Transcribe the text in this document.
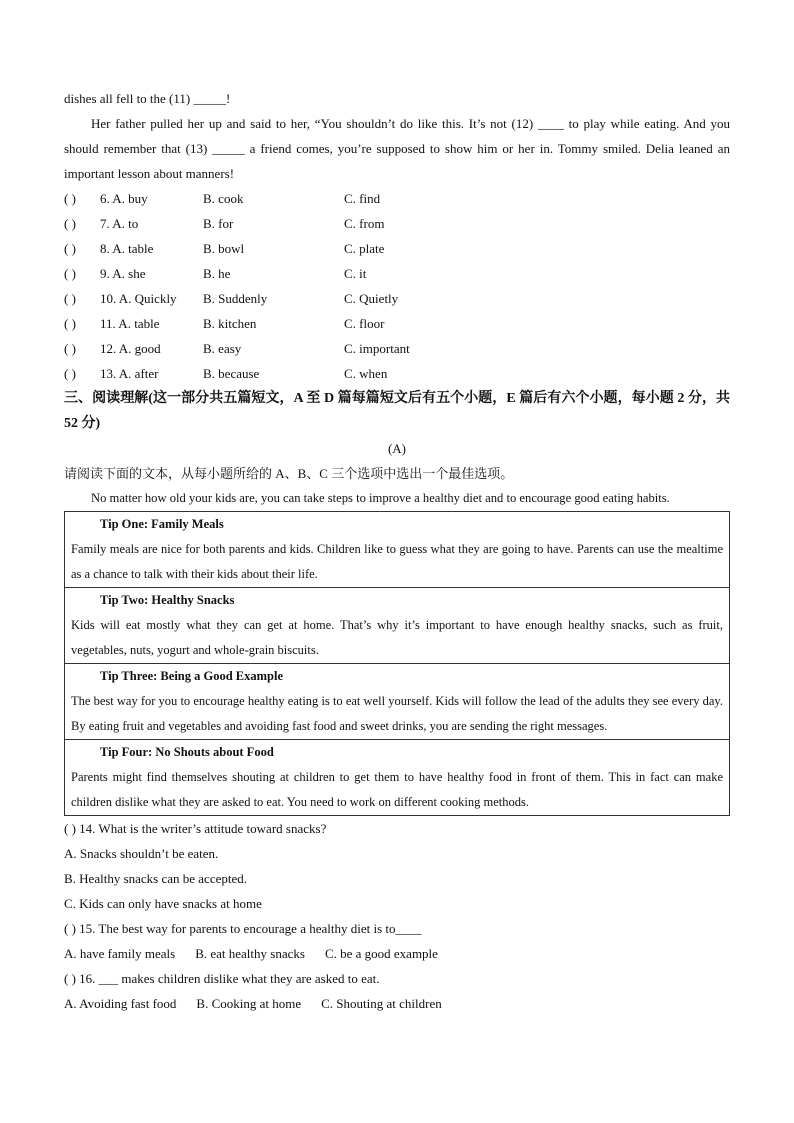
dishes all fell to the (11) _____!
Her father pulled her up and said to her, “You shouldn’t do like this. It’s not (12) ____ to play while eating. And you should remember that (13) _____ a friend comes, you’re supposed to show him or her in. Tommy smiled. Delia leaned an important lesson about manners!
( )	6. A. buy	B. cook	C. find
( )	7. A. to	B. for	C. from
( )	8. A. table	B. bowl	C. plate
( )	9. A. she	B. he	C. it
( )	10. A. Quickly	B. Suddenly	C. Quietly
( )	11. A. table	B. kitchen	C. floor
( )	12. A. good	B. easy	C. important
( )	13. A. after	B. because	C. when
三、阅读理解(这一部分共五篇短文，A 至 D 篇每篇短文后有五个小题，E 篇后有六个小题，每小题 2 分，共 52 分)
(A)
请阅读下面的文本，从每小题所给的 A、B、C 三个选项中选出一个最佳选项。
No matter how old your kids are, you can take steps to improve a healthy diet and to encourage good eating habits.
Tip One: Family Meals
Family meals are nice for both parents and kids. Children like to guess what they are going to have. Parents can use the mealtime as a chance to talk with their kids about their life.

Tip Two: Healthy Snacks
Kids will eat mostly what they can get at home. That’s why it’s important to have enough healthy snacks, such as fruit, vegetables, nuts, yogurt and whole-grain biscuits.

Tip Three: Being a Good Example
The best way for you to encourage healthy eating is to eat well yourself. Kids will follow the lead of the adults they see every day. By eating fruit and vegetables and avoiding fast food and sweet drinks, you are sending the right messages.

Tip Four: No Shouts about Food
Parents might find themselves shouting at children to get them to have healthy food in front of them. This in fact can make children dislike what they are asked to eat. You need to work on different cooking methods.
( ) 14. What is the writer’s attitude toward snacks?
A. Snacks shouldn’t be eaten.
B. Healthy snacks can be accepted.
C. Kids can only have snacks at home
( ) 15. The best way for parents to encourage a healthy diet is to____
A. have family meals B. eat healthy snacks C. be a good example
( ) 16. ___ makes children dislike what they are asked to eat.
A. Avoiding fast food B. Cooking at home C. Shouting at children
